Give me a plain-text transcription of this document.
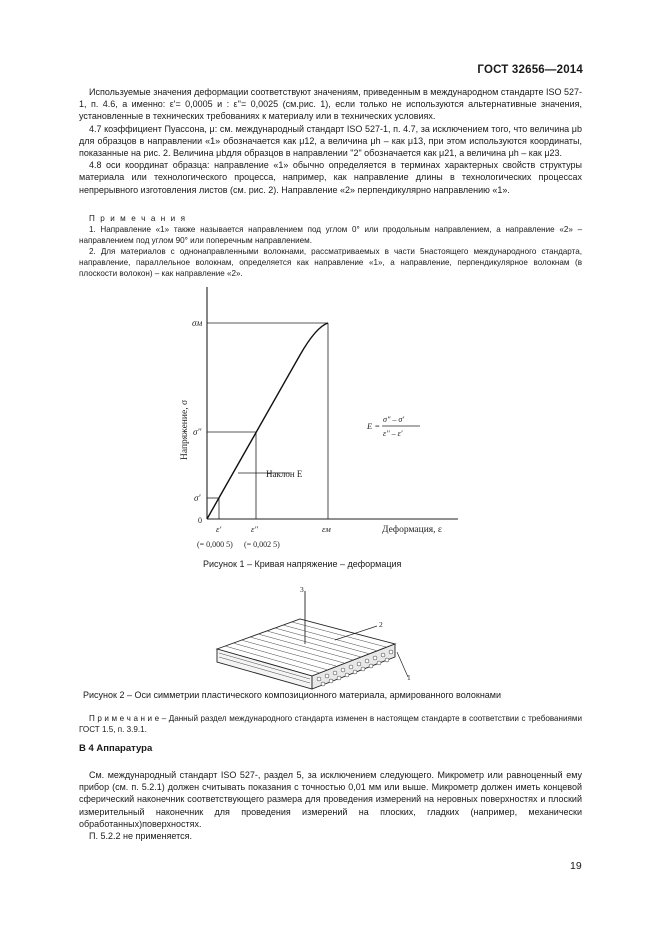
ГОСТ 32656—2014

Используемые значения деформации соответствуют значениям, приведенным в международном стандарте ISO 527-1, п. 4.6, а именно: ε'= 0,0005 и : ε''= 0,0025 (см.рис. 1), если только не используются альтернативные значения, установленные в технических требованиях к материалу или в технических условиях.

4.7 коэффициент Пуассона, μ: см. международный стандарт ISO 527-1, п. 4.7, за исключением того, что величина μb для образцов в направлении «1» обозначается как μ12, а величина μh – как μ13, при этом используются координаты, показанные на рис. 2. Величина μbдля образцов в направлении "2" обозначается как μ21, а величина μh – как μ23.

4.8 оси координат образца: направление «1» обычно определяется в терминах характерных свойств структуры материала или технологического процесса, например, как направление длины в технологических процессах непрерывного изготовления листов (см. рис. 2). Направление «2» перпендикулярно направлению «1».

П р и м е ч а н и я

1. Направление «1» также называется направлением под углом 0° или продольным направлением, а направление «2» – направлением под углом 90° или поперечным направлением.

2. Для материалов с однонаправленными волокнами, рассматриваемых в части 5настоящего международного стандарта, направление, параллельное волокнам, определяется как направление «1», а направление, перпендикулярное волокнам (в плоскости волокон) – как направление «2».

σм
σ''
σ'
0
Напряжение, σ
ε'	ε''	εм	Деформация, ε
(= 0,000 5) (= 0,002 5)
Наклон E
E =
σ'' – σ'
ε'' – ε'
Рисунок 1 – Кривая напряжение – деформация
3
2
1
Рисунок 2 – Оси симметрии пластического композиционного материала, армированного волокнами

П р и м е ч а н и е – Данный раздел международного стандарта изменен в настоящем стандарте в соответствии с требованиями ГОСТ 1.5, п. 3.9.1.

В 4 Аппаратура

См. международный стандарт ISO 527-, раздел 5, за исключением следующего. Микрометр или равноценный ему прибор (см. п. 5.2.1) должен считывать показания с точностью 0,01 мм или выше. Микрометр должен иметь концевой сферический наконечник соответствующего размера для проведения измерений на неровных поверхностях и плоский измерительный наконечник для проведения измерений на плоских, гладких (например, механически обработанных)поверхностях.

П. 5.2.2 не применяется.

19
